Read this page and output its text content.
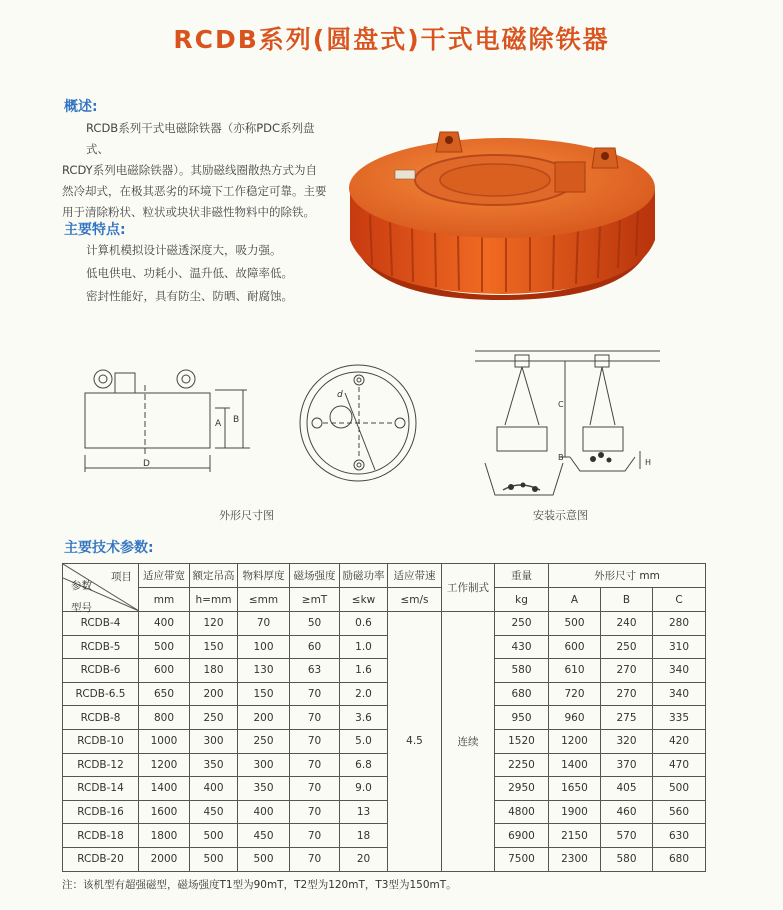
RCDB系列(圆盘式)干式电磁除铁器
概述:
RCDB系列干式电磁除铁器（亦称PDC系列盘式、
RCDY系列电磁除铁器）。其励磁线圈散热方式为自
然冷却式，在极其恶劣的环境下工作稳定可靠。主要
用于清除粉状、粒状或块状非磁性物料中的除铁。
主要特点:
计算机模拟设计磁透深度大，吸力强。
低电供电、功耗小、温升低、故障率低。
密封性能好，具有防尘、防晒、耐腐蚀。
A B
D
d
C
B
H
外形尺寸图	安装示意图
主要技术参数:
项目
参数
型号	适应带宽	额定吊高	物料厚度	磁场强度	励磁功率	适应带速	工作制式	重量	外形尺寸 mm		
	mm	h=mm	≤mm	≥mT	≤kw	≤m/s		kg	A	B	C
RCDB-4	400	120	70	50	0.6	4.5	连续	250	500	240	280
RCDB-5	500	150	100	60	1.0			430	600	250	310
RCDB-6	600	180	130	63	1.6			580	610	270	340
RCDB-6.5	650	200	150	70	2.0			680	720	270	340
RCDB-8	800	250	200	70	3.6			950	960	275	335
RCDB-10	1000	300	250	70	5.0			1520	1200	320	420
RCDB-12	1200	350	300	70	6.8			2250	1400	370	470
RCDB-14	1400	400	350	70	9.0			2950	1650	405	500
RCDB-16	1600	450	400	70	13			4800	1900	460	560
RCDB-18	1800	500	450	70	18			6900	2150	570	630
RCDB-20	2000	500	500	70	20			7500	2300	580	680
注：该机型有超强磁型，磁场强度T1型为90mT，T2型为120mT，T3型为150mT。
